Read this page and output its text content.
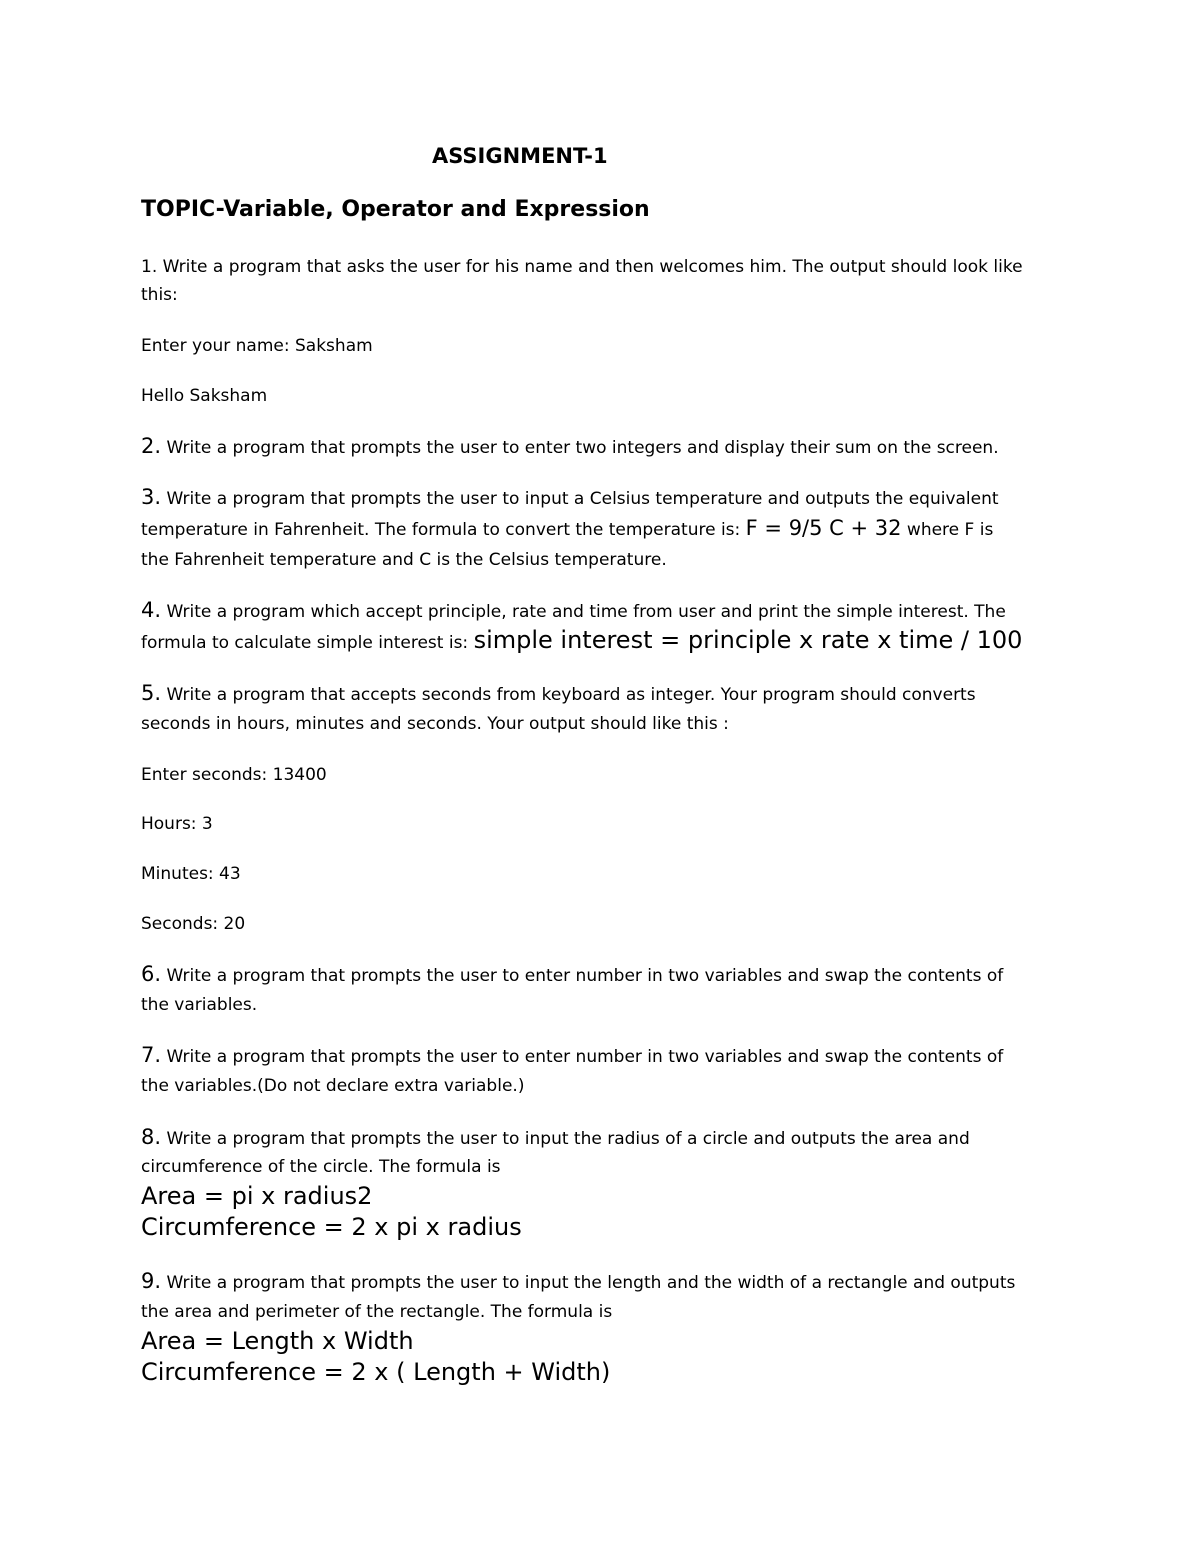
ASSIGNMENT-1
TOPIC-Variable, Operator and Expression
1. Write a program that asks the user for his name and then welcomes him. The output should look like
this:
Enter your name: Saksham
Hello Saksham
2. Write a program that prompts the user to enter two integers and display their sum on the screen.
3. Write a program that prompts the user to input a Celsius temperature and outputs the equivalent
temperature in Fahrenheit. The formula to convert the temperature is: F = 9/5 C + 32 where F is
the Fahrenheit temperature and C is the Celsius temperature.
4. Write a program which accept principle, rate and time from user and print the simple interest. The
formula to calculate simple interest is: simple interest = principle x rate x time / 100
5. Write a program that accepts seconds from keyboard as integer. Your program should converts
seconds in hours, minutes and seconds. Your output should like this :
Enter seconds: 13400
Hours: 3
Minutes: 43
Seconds: 20
6. Write a program that prompts the user to enter number in two variables and swap the contents of
the variables.
7. Write a program that prompts the user to enter number in two variables and swap the contents of
the variables.(Do not declare extra variable.)
8. Write a program that prompts the user to input the radius of a circle and outputs the area and
circumference of the circle. The formula is
Area = pi x radius2
Circumference = 2 x pi x radius
9. Write a program that prompts the user to input the length and the width of a rectangle and outputs
the area and perimeter of the rectangle. The formula is
Area = Length x Width
Circumference = 2 x ( Length + Width)
